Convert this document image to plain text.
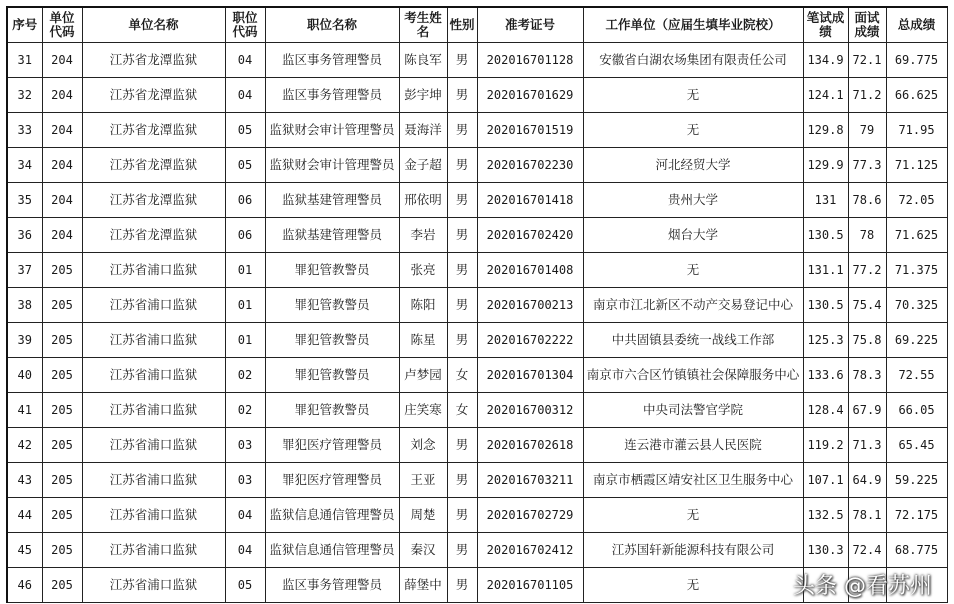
序号	单位代码	单位名称	职位代码	职位名称	考生姓名	性别	准考证号	工作单位（应届生填毕业院校）	笔试成绩	面试成绩	总成绩
31	204	江苏省龙潭监狱	04	监区事务管理警员	陈良军	男	202016701128	安徽省白湖农场集团有限责任公司	134.9	72.1	69.775
32	204	江苏省龙潭监狱	04	监区事务管理警员	彭宇坤	男	202016701629	无	124.1	71.2	66.625
33	204	江苏省龙潭监狱	05	监狱财会审计管理警员	聂海洋	男	202016701519	无	129.8	79	71.95
34	204	江苏省龙潭监狱	05	监狱财会审计管理警员	金子超	男	202016702230	河北经贸大学	129.9	77.3	71.125
35	204	江苏省龙潭监狱	06	监狱基建管理警员	邢依明	男	202016701418	贵州大学	131	78.6	72.05
36	204	江苏省龙潭监狱	06	监狱基建管理警员	李岩	男	202016702420	烟台大学	130.5	78	71.625
37	205	江苏省浦口监狱	01	罪犯管教警员	张亮	男	202016701408	无	131.1	77.2	71.375
38	205	江苏省浦口监狱	01	罪犯管教警员	陈阳	男	202016700213	南京市江北新区不动产交易登记中心	130.5	75.4	70.325
39	205	江苏省浦口监狱	01	罪犯管教警员	陈星	男	202016702222	中共固镇县委统一战线工作部	125.3	75.8	69.225
40	205	江苏省浦口监狱	02	罪犯管教警员	卢梦园	女	202016701304	南京市六合区竹镇镇社会保障服务中心	133.6	78.3	72.55
41	205	江苏省浦口监狱	02	罪犯管教警员	庄笑寒	女	202016700312	中央司法警官学院	128.4	67.9	66.05
42	205	江苏省浦口监狱	03	罪犯医疗管理警员	刘念	男	202016702618	连云港市灌云县人民医院	119.2	71.3	65.45
43	205	江苏省浦口监狱	03	罪犯医疗管理警员	王亚	男	202016703211	南京市栖霞区靖安社区卫生服务中心	107.1	64.9	59.225
44	205	江苏省浦口监狱	04	监狱信息通信管理警员	周楚	男	202016702729	无	132.5	78.1	72.175
45	205	江苏省浦口监狱	04	监狱信息通信管理警员	秦汉	男	202016702412	江苏国轩新能源科技有限公司	130.3	72.4	68.775
46	205	江苏省浦口监狱	05	监区事务管理警员	薛堡中	男	202016701105	无				头条 @看苏州
